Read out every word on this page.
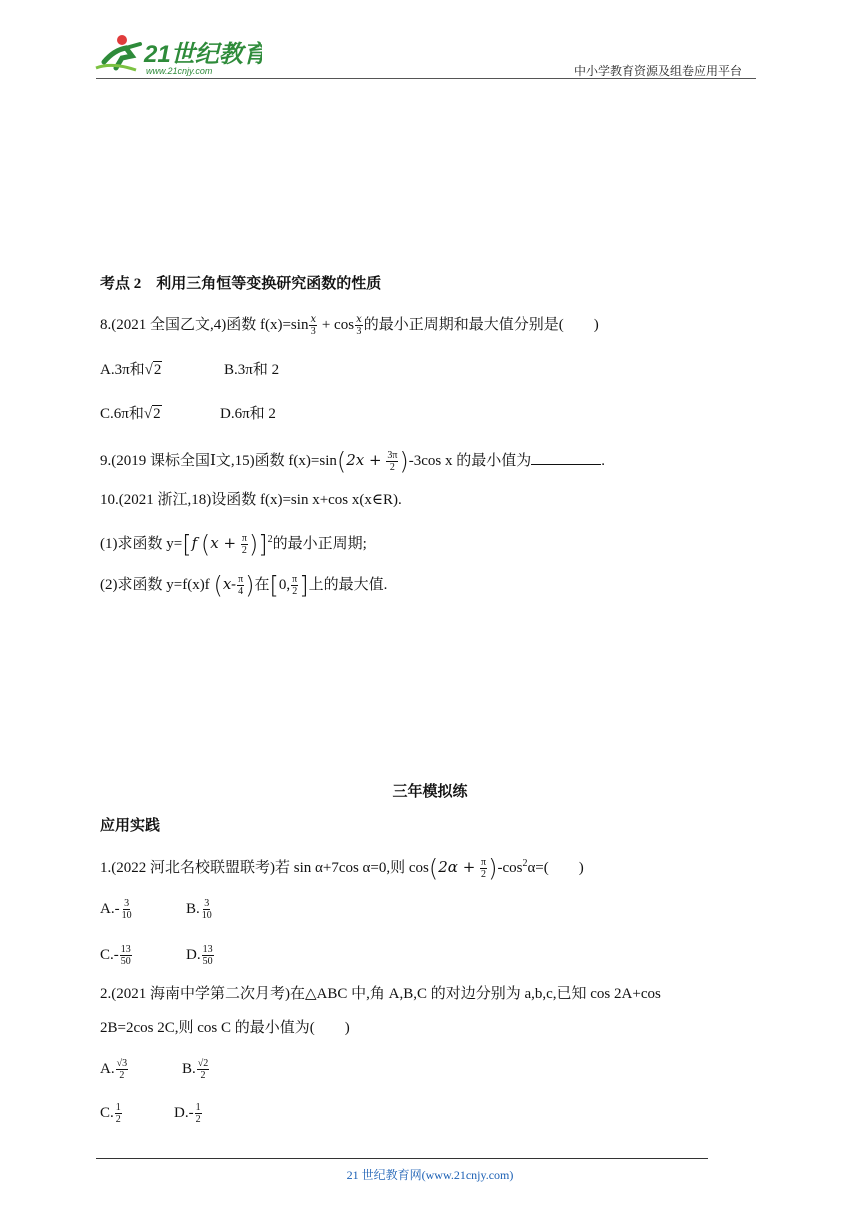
21世纪教育
www.21cnjy.com	中小学教育资源及组卷应用平台
考点 2　利用三角恒等变换研究函数的性质
8.(2021 全国乙文,4)函数 $f(x)=\sin \frac{x}{3} + \cos \frac{x}{3}$ 的最小正周期和最大值分别是(　　)
A.3π和√2	B.3π和 2
C.6π和√2	D.6π和 2
9.(2019 课标全国Ⅰ文,15)函数 $f(x)=\sin(2x + \frac{3\pi}{2} )-3\cos$ x 的最小值为	.
10.(2021 浙江,18)设函数 f(x)=sin x+cos x(x∈R).
(1)求函数 y=[f $(x + \frac{\pi}{2} )]^2$的最小正周期;
(2)求函数 y=f(x)f ($x- \frac{\pi}{4}$ )在[0, $\frac{\pi}{2}$ ]上的最大值.
三年模拟练
应用实践
1.(2022 河北名校联盟联考)若 sin α+7cos α=0,则 $\cos(2\alpha + \frac{\pi}{2} )-\cos^2\alpha=$(　　)
$A.- \frac{3}{10}$	B. $\frac{3}{10}$
$C.- \frac{13}{50}$	D. $\frac{13}{50}$
2.(2021 海南中学第二次月考)在△ABC 中,角 A,B,C 的对边分别为 a,b,c,已知 cos 2A+cos
2B=2cos 2C,则 cos C 的最小值为(　　)
A. $\frac{√3}{2}$	B. $\frac{√2}{2}$
C. $\frac{1}{2}$	$D.- \frac{1}{2}$
21 世纪教育网(www.21cnjy.com)
